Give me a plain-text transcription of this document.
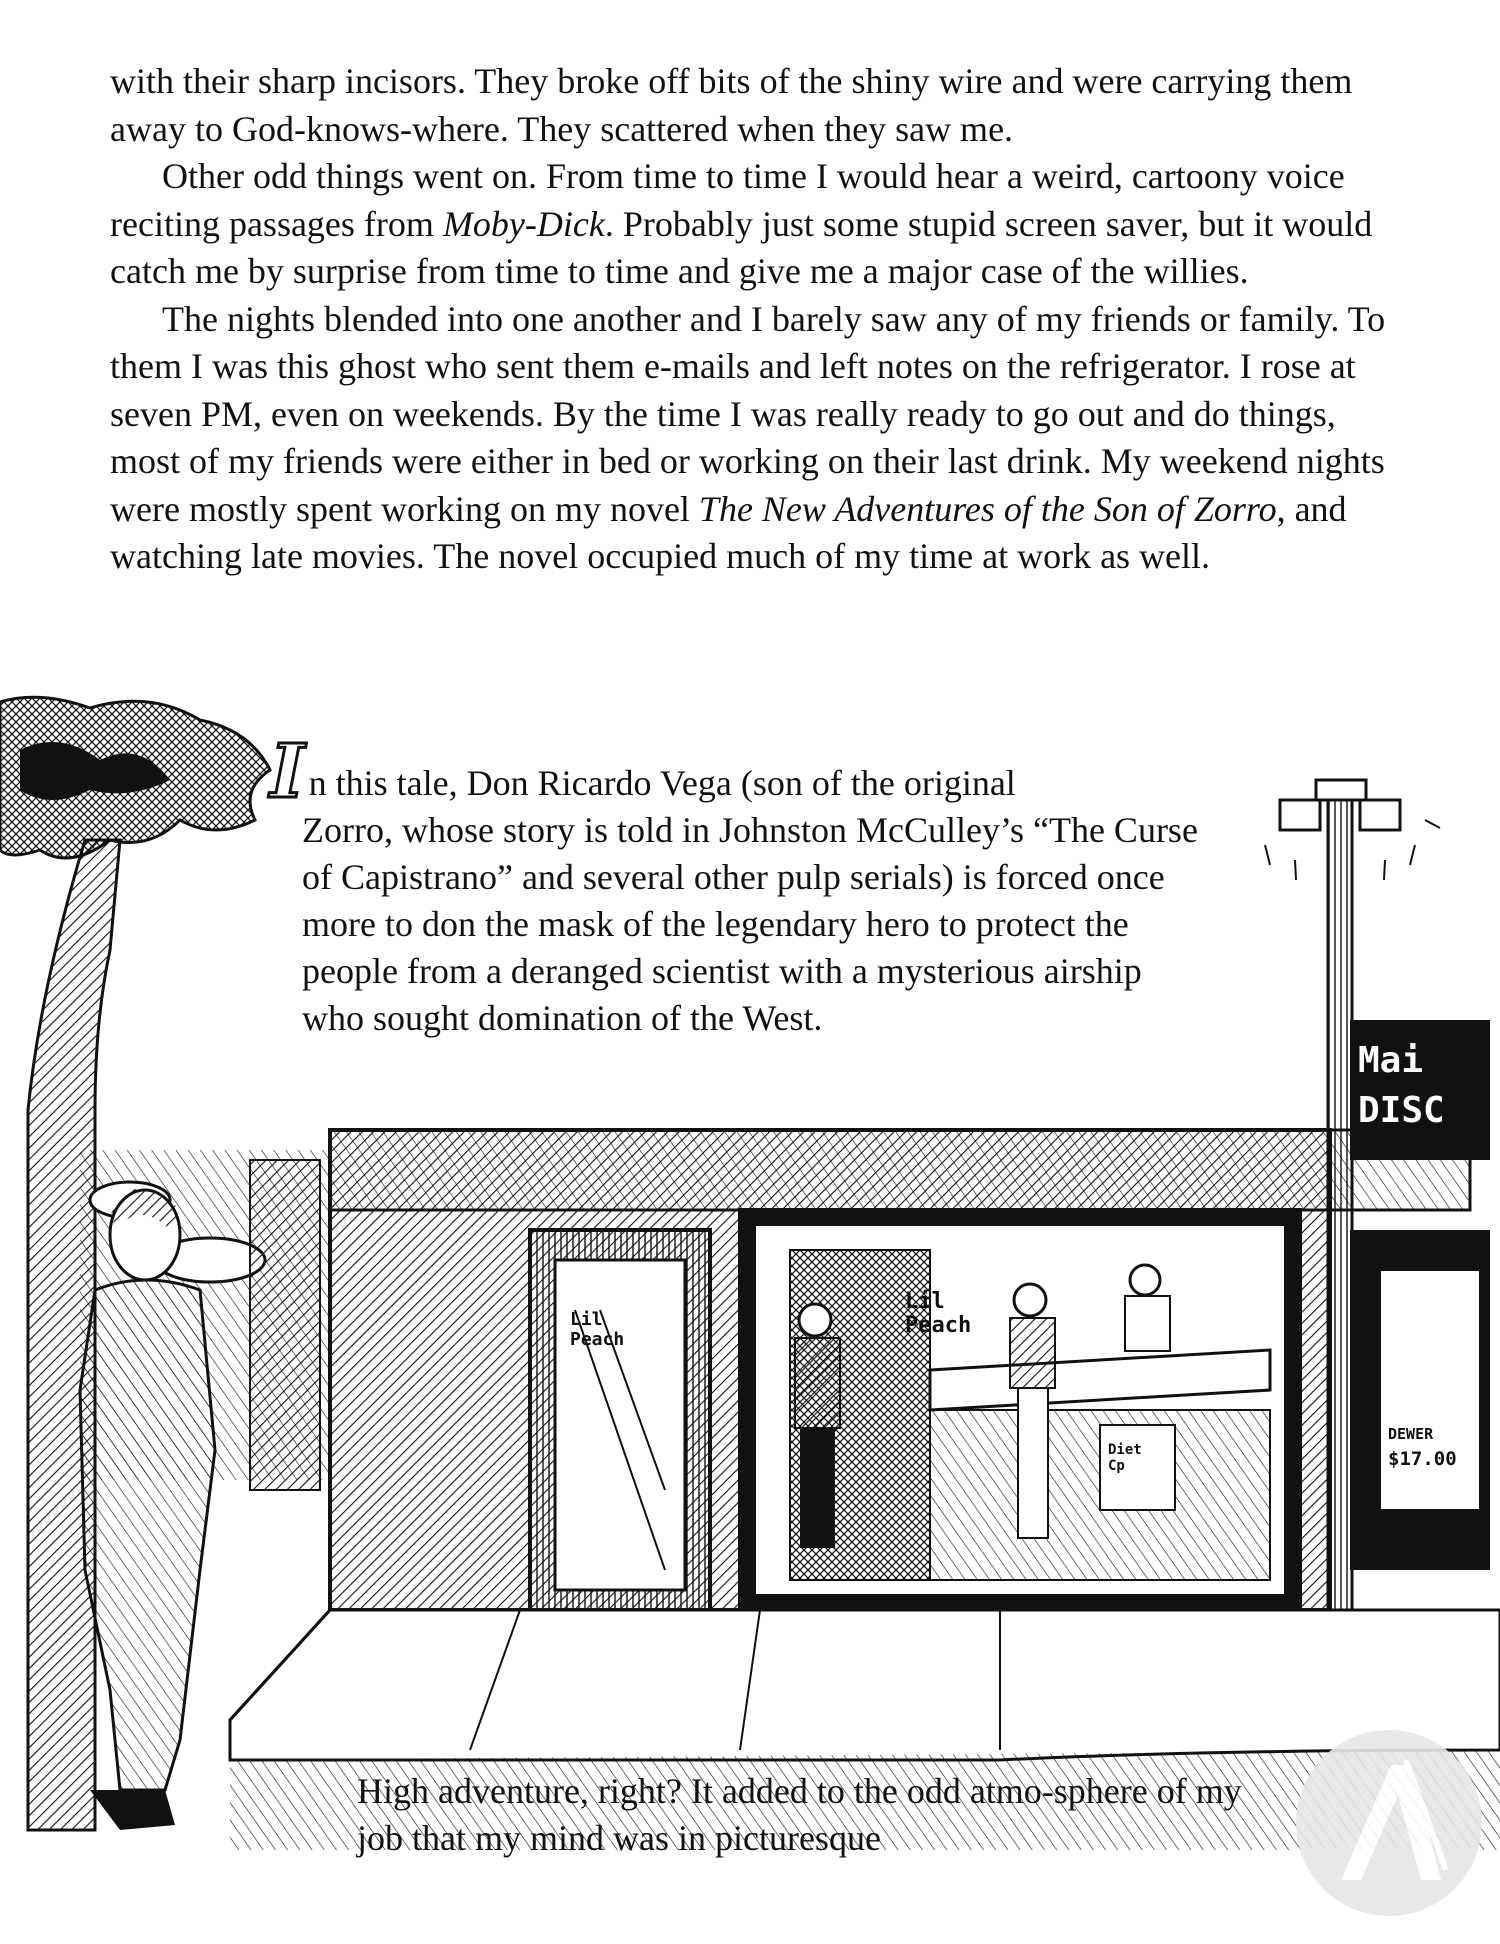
with their sharp incisors. They broke off bits of the shiny wire and were carrying them away to God-knows-where. They scattered when they saw me.

Other odd things went on. From time to time I would hear a weird, cartoony voice reciting passages from Moby-Dick. Probably just some stupid screen saver, but it would catch me by surprise from time to time and give me a major case of the willies.

The nights blended into one another and I barely saw any of my friends or family. To them I was this ghost who sent them e-mails and left notes on the refrigerator. I rose at seven PM, even on weekends. By the time I was really ready to go out and do things, most of my friends were either in bed or working on their last drink. My weekend nights were mostly spent working on my novel The New Adventures of the Son of Zorro, and watching late movies. The novel occupied much of my time at work as well.

Lil Peach
Lil Peach
Mai
DISC
DEWER
$17.00
Diet Cp
In this tale, Don Ricardo Vega (son of the original
Zorro, whose story is told in Johnston McCulley’s “The Curse of Capistrano” and several other pulp serials) is forced once more to don the mask of the legendary hero to protect the people from a deranged scientist with a mysterious airship who sought domination of the West.
High adventure, right? It added to the odd atmo-sphere of my job that my mind was in picturesque
